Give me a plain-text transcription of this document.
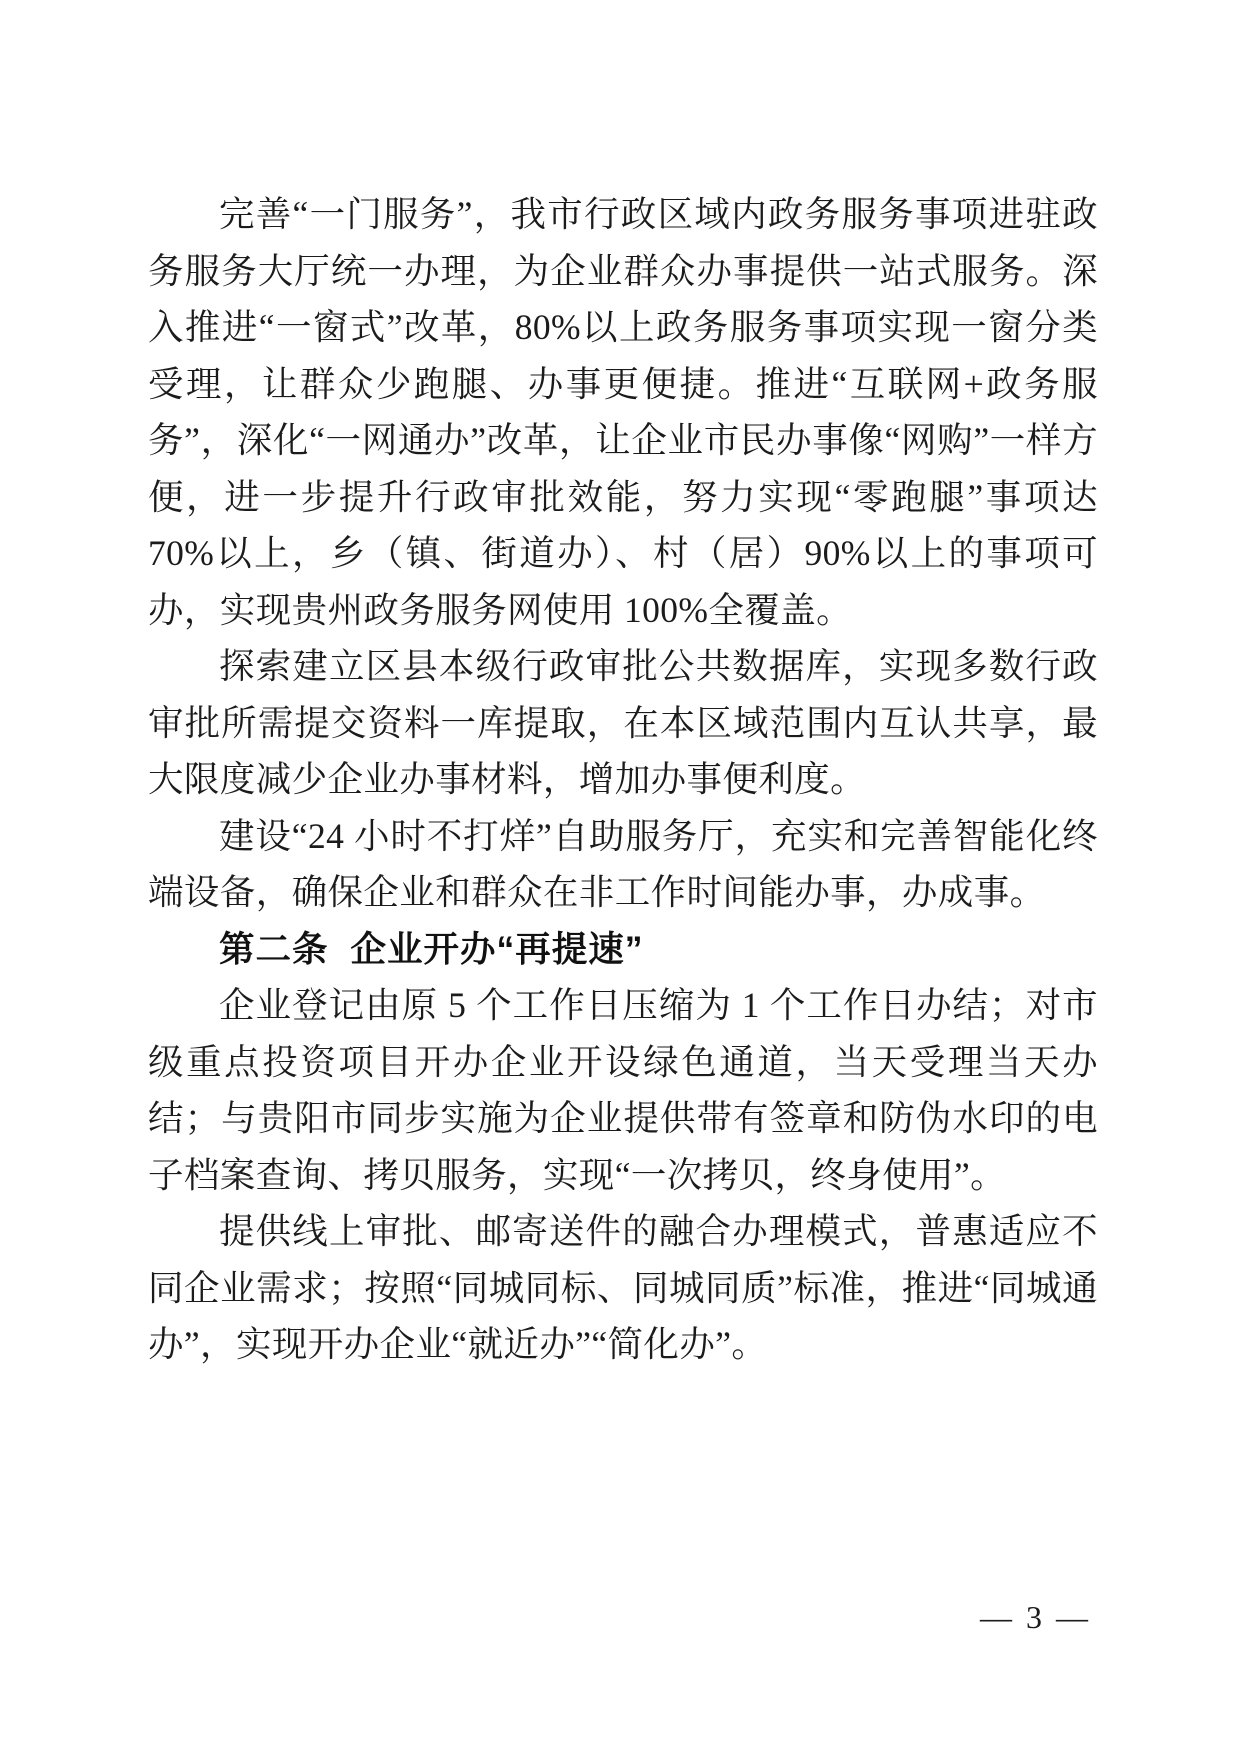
完善“一门服务”，我市行政区域内政务服务事项进驻政务服务大厅统一办理，为企业群众办事提供一站式服务。深入推进“一窗式”改革，80%以上政务服务事项实现一窗分类受理，让群众少跑腿、办事更便捷。推进“互联网+政务服务”，深化“一网通办”改革，让企业市民办事像“网购”一样方便，进一步提升行政审批效能，努力实现“零跑腿”事项达 70%以上，乡（镇、街道办）、村（居）90%以上的事项可办，实现贵州政务服务网使用 100%全覆盖。

探索建立区县本级行政审批公共数据库，实现多数行政审批所需提交资料一库提取，在本区域范围内互认共享，最大限度减少企业办事材料，增加办事便利度。

建设“24 小时不打烊”自助服务厅，充实和完善智能化终端设备，确保企业和群众在非工作时间能办事，办成事。

第二条 企业开办“再提速”

企业登记由原 5 个工作日压缩为 1 个工作日办结；对市级重点投资项目开办企业开设绿色通道，当天受理当天办结；与贵阳市同步实施为企业提供带有签章和防伪水印的电子档案查询、拷贝服务，实现“一次拷贝，终身使用”。

提供线上审批、邮寄送件的融合办理模式，普惠适应不同企业需求；按照“同城同标、同城同质”标准，推进“同城通办”，实现开办企业“就近办”“简化办”。

— 3 —
